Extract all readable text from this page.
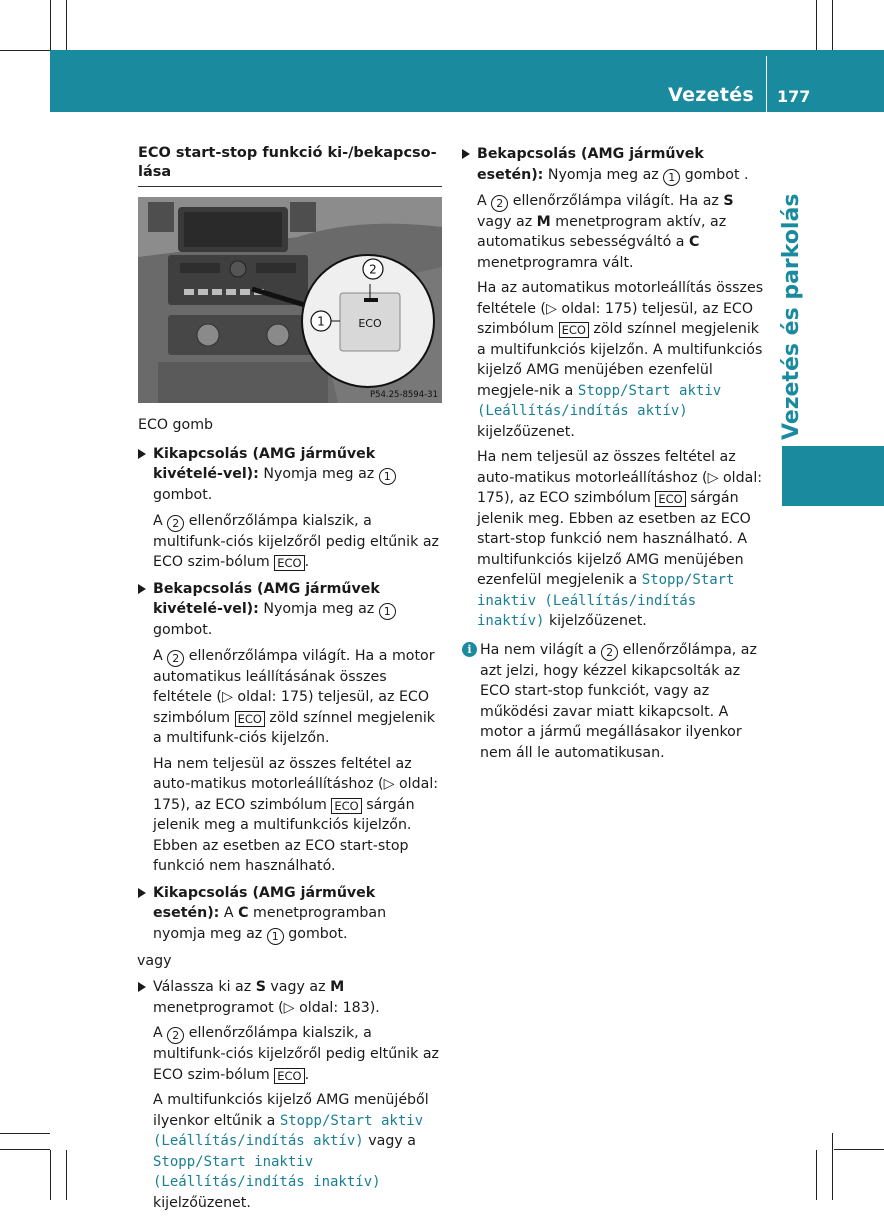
Vezetés 177
Vezetés és parkolás
ECO start-stop funkció ki-/bekapcso-lása
ECO
2
1
P54.25-8594-31
ECO gomb

Kikapcsolás (AMG járművek kivételé-vel): Nyomja meg az 1 gombot.

A 2 ellenőrzőlámpa kialszik, a multifunk-ciós kijelzőről pedig eltűnik az ECO szim-bólum ECO .

Bekapcsolás (AMG járművek kivételé-vel): Nyomja meg az 1 gombot.

A 2 ellenőrzőlámpa világít. Ha a motor automatikus leállításának összes feltétele (▷ oldal: 175) teljesül, az ECO szimbólum ECO zöld színnel megjelenik a multifunk-ciós kijelzőn.

Ha nem teljesül az összes feltétel az auto-matikus motorleállításhoz (▷ oldal: 175), az ECO szimbólum ECO sárgán jelenik meg a multifunkciós kijelzőn. Ebben az esetben az ECO start-stop funkció nem használható.

Kikapcsolás (AMG járművek esetén): A C menetprogramban nyomja meg az 1 gombot.

vagy

Válassza ki az S vagy az M menetprogramot (▷ oldal: 183).

A 2 ellenőrzőlámpa kialszik, a multifunk-ciós kijelzőről pedig eltűnik az ECO szim-bólum ECO .

A multifunkciós kijelző AMG menüjéből ilyenkor eltűnik a Stopp/Start aktiv (Leállítás/indítás aktív) vagy a Stopp/Start inaktiv (Leállítás/indítás inaktív) kijelzőüzenet.

Bekapcsolás (AMG járművek esetén): Nyomja meg az 1 gombot .

A 2 ellenőrzőlámpa világít. Ha az S vagy az M menetprogram aktív, az automatikus sebességváltó a C menetprogramra vált.

Ha az automatikus motorleállítás összes feltétele (▷ oldal: 175) teljesül, az ECO szimbólum ECO zöld színnel megjelenik a multifunkciós kijelzőn. A multifunkciós kijelző AMG menüjében ezenfelül megjele-nik a Stopp/Start aktiv (Leállítás/indítás aktív) kijelzőüzenet.

Ha nem teljesül az összes feltétel az auto-matikus motorleállításhoz (▷ oldal: 175), az ECO szimbólum ECO sárgán jelenik meg. Ebben az esetben az ECO start-stop funkció nem használható. A multifunkciós kijelző AMG menüjében ezenfelül megjelenik a Stopp/Start inaktiv (Leállítás/indítás inaktív) kijelzőüzenet.

i Ha nem világít a 2 ellenőrzőlámpa, az azt jelzi, hogy kézzel kikapcsolták az ECO start-stop funkciót, vagy az működési zavar miatt kikapcsolt. A motor a jármű megállásakor ilyenkor nem áll le automatikusan.
